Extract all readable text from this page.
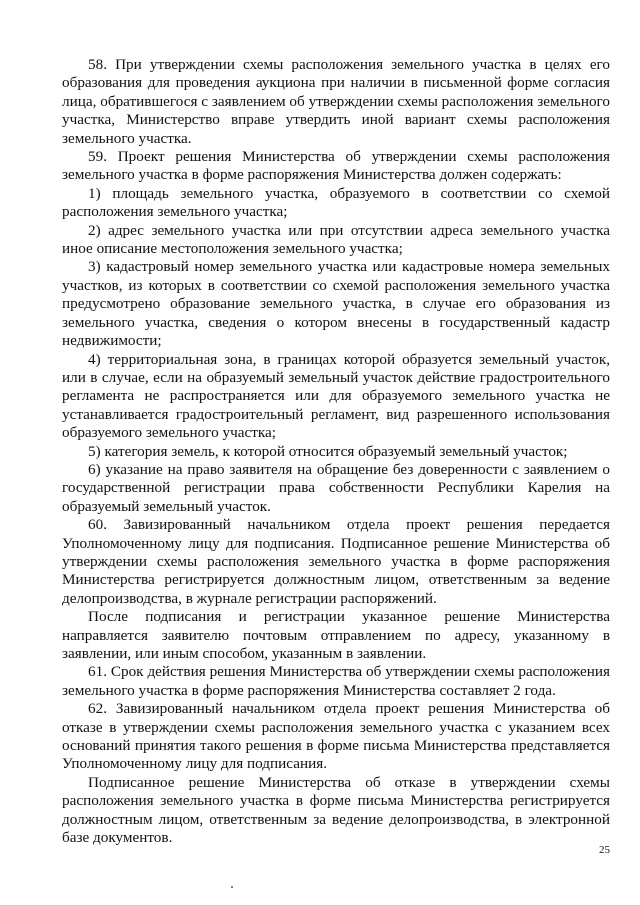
58. При утверждении схемы расположения земельного участка в целях его образования для проведения аукциона при наличии в письменной форме согласия лица, обратившегося с заявлением об утверждении схемы расположения земельного участка, Министерство вправе утвердить иной вариант схемы расположения земельного участка.

59. Проект решения Министерства об утверждении схемы расположения земельного участка в форме распоряжения Министерства должен содержать:

1) площадь земельного участка, образуемого в соответствии со схемой расположения земельного участка;

2) адрес земельного участка или при отсутствии адреса земельного участка иное описание местоположения земельного участка;

3) кадастровый номер земельного участка или кадастровые номера земельных участков, из которых в соответствии со схемой расположения земельного участка предусмотрено образование земельного участка, в случае его образования из земельного участка, сведения о котором внесены в государственный кадастр недвижимости;

4) территориальная зона, в границах которой образуется земельный участок, или в случае, если на образуемый земельный участок действие градостроительного регламента не распространяется или для образуемого земельного участка не устанавливается градостроительный регламент, вид разрешенного использования образуемого земельного участка;

5) категория земель, к которой относится образуемый земельный участок;

6) указание на право заявителя на обращение без доверенности с заявлением о государственной регистрации права собственности Республики Карелия на образуемый земельный участок.

60. Завизированный начальником отдела проект решения передается Уполномоченному лицу для подписания. Подписанное решение Министерства об утверждении схемы расположения земельного участка в форме распоряжения Министерства регистрируется должностным лицом, ответственным за ведение делопроизводства, в журнале регистрации распоряжений.

После подписания и регистрации указанное решение Министерства направляется заявителю почтовым отправлением по адресу, указанному в заявлении, или иным способом, указанным в заявлении.

61. Срок действия решения Министерства об утверждении схемы расположения земельного участка в форме распоряжения Министерства составляет 2 года.

62. Завизированный начальником отдела проект решения Министерства об отказе в утверждении схемы расположения земельного участка с указанием всех оснований принятия такого решения в форме письма Министерства представляется Уполномоченному лицу для подписания.

Подписанное решение Министерства об отказе в утверждении схемы расположения земельного участка в форме письма Министерства регистрируется должностным лицом, ответственным за ведение делопроизводства, в электронной базе документов.

25
